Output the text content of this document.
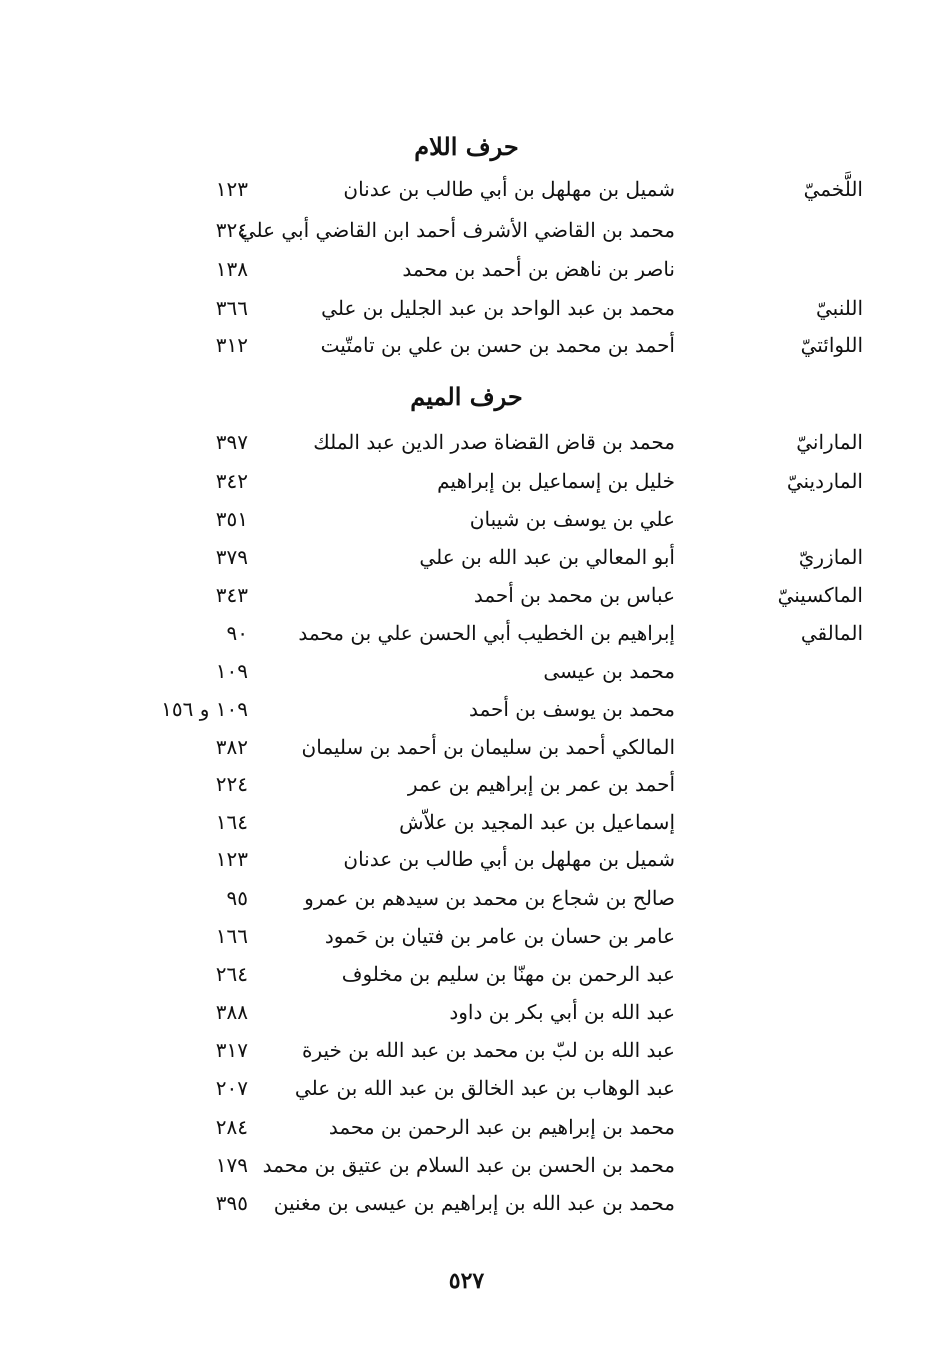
حرف اللام
اللَّخميّ
شميل بن مهلهل بن أبي طالب بن عدنان
١٢٣
محمد بن القاضي الأشرف أحمد ابن القاضي أبي علي
٣٢٤
ناصر بن ناهض بن أحمد بن محمد
١٣٨
اللنبيّ
محمد بن عبد الواحد بن عبد الجليل بن علي
٣٦٦
اللوائتيّ
أحمد بن محمد بن حسن بن علي بن تامتّيت
٣١٢
حرف الميم
المارانيّ
محمد بن قاض القضاة صدر الدين عبد الملك
٣٩٧
الماردينيّ
خليل بن إسماعيل بن إبراهيم
٣٤٢
علي بن يوسف بن شيبان
٣٥١
المازريّ
أبو المعالي بن عبد الله بن علي
٣٧٩
الماكسينيّ
عباس بن محمد بن أحمد
٣٤٣
المالقي
إبراهيم بن الخطيب أبي الحسن علي بن محمد
٩٠
محمد بن عيسى
١٠٩
محمد بن يوسف بن أحمد
١٠٩ و ١٥٦
المالكي أحمد بن سليمان بن أحمد بن سليمان
٣٨٢
أحمد بن عمر بن إبراهيم بن عمر
٢٢٤
إسماعيل بن عبد المجيد بن علاّش
١٦٤
شميل بن مهلهل بن أبي طالب بن عدنان
١٢٣
صالح بن شجاع بن محمد بن سيدهم بن عمرو
٩٥
عامر بن حسان بن عامر بن فتيان بن حَمود
١٦٦
عبد الرحمن بن مهنّا بن سليم بن مخلوف
٢٦٤
عبد الله بن أبي بكر بن داود
٣٨٨
عبد الله بن لبّ بن محمد بن عبد الله بن خيرة
٣١٧
عبد الوهاب بن عبد الخالق بن عبد الله بن علي
٢٠٧
محمد بن إبراهيم بن عبد الرحمن بن محمد
٢٨٤
محمد بن الحسن بن عبد السلام بن عتيق بن محمد
١٧٩
محمد بن عبد الله بن إبراهيم بن عيسى بن مغنين
٣٩٥
٥٢٧
